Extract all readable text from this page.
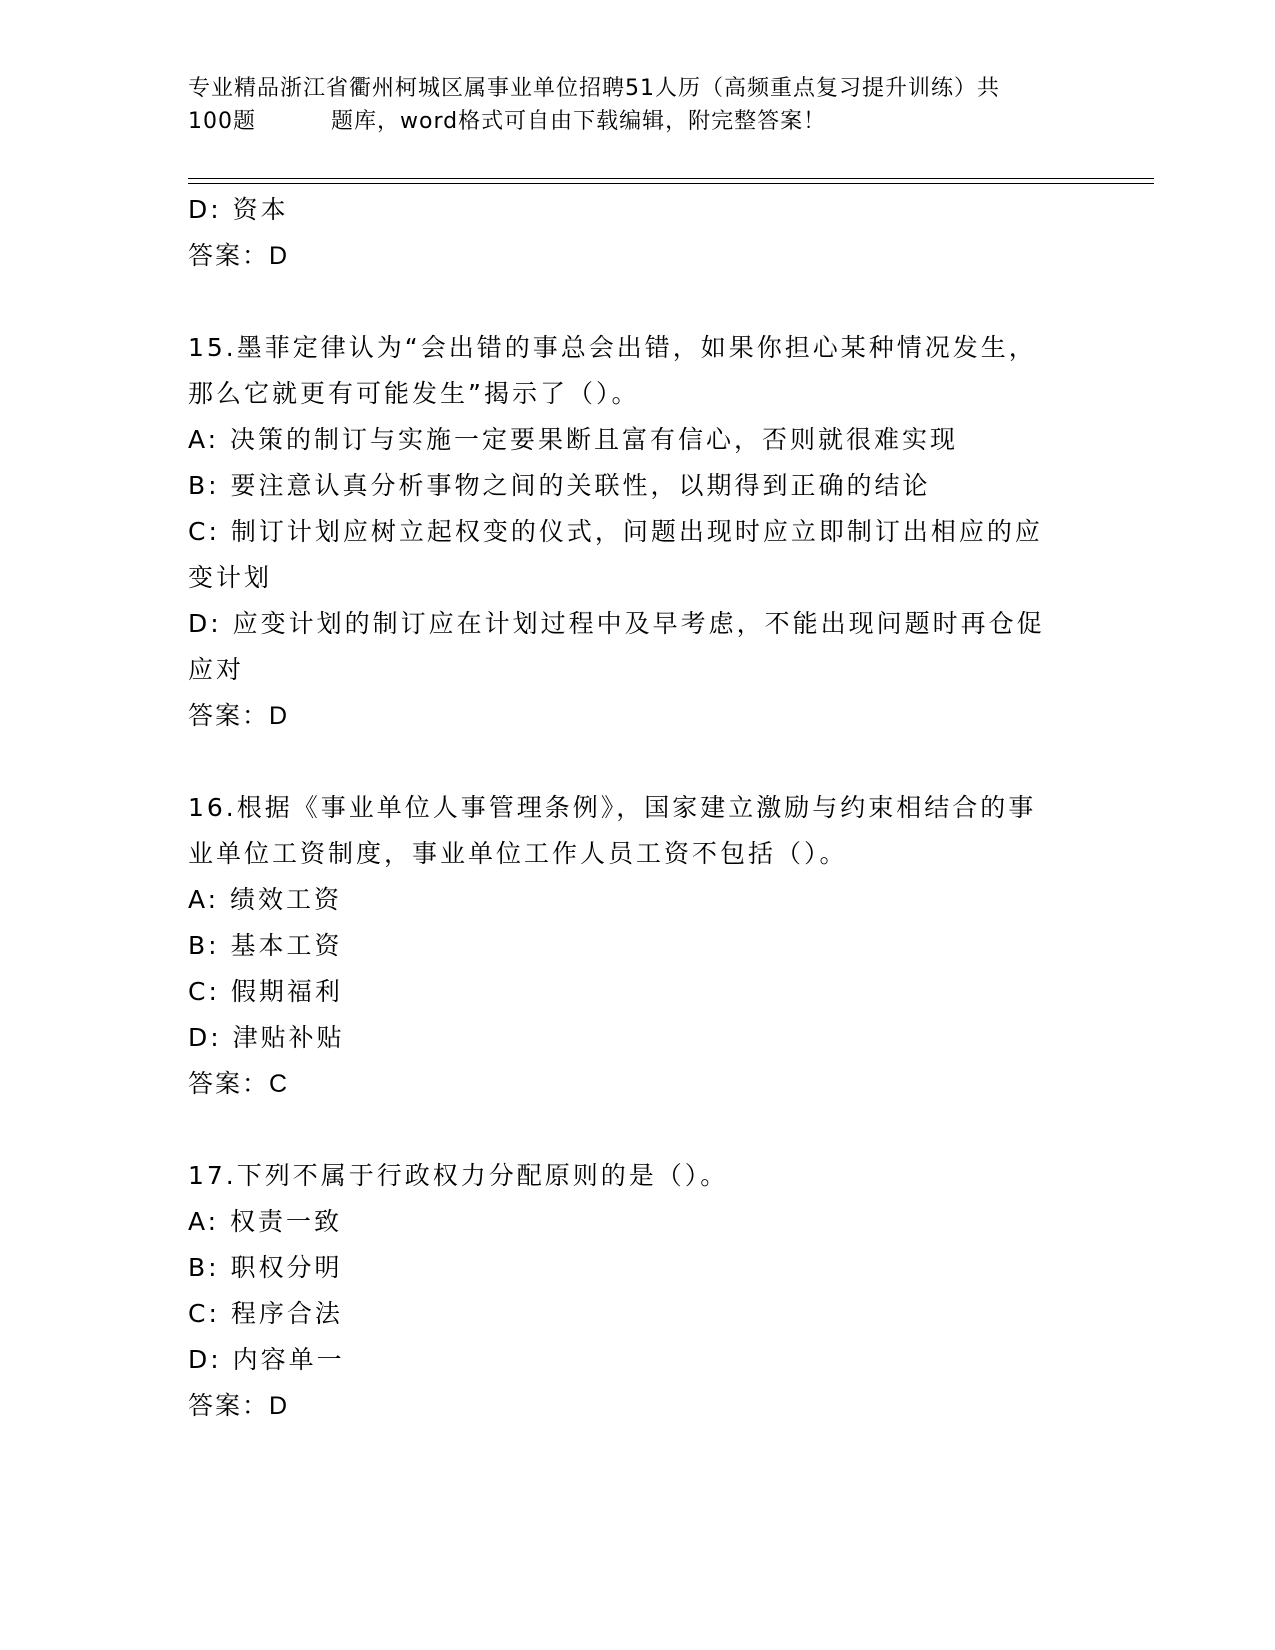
专业精品浙江省衢州柯城区属事业单位招聘51人历（高频重点复习提升训练）共
100题	题库，word格式可自由下载编辑，附完整答案！
D: 资本
答案：D
15.墨菲定律认为“会出错的事总会出错，如果你担心某种情况发生，
那么它就更有可能发生”揭示了（）。
A: 决策的制订与实施一定要果断且富有信心，否则就很难实现
B: 要注意认真分析事物之间的关联性，以期得到正确的结论
C: 制订计划应树立起权变的仪式，问题出现时应立即制订出相应的应
变计划
D: 应变计划的制订应在计划过程中及早考虑，不能出现问题时再仓促
应对
答案：D
16.根据《事业单位人事管理条例》，国家建立激励与约束相结合的事
业单位工资制度，事业单位工作人员工资不包括（）。
A: 绩效工资
B: 基本工资
C: 假期福利
D: 津贴补贴
答案：C
17.下列不属于行政权力分配原则的是（）。
A: 权责一致
B: 职权分明
C: 程序合法
D: 内容单一
答案：D
